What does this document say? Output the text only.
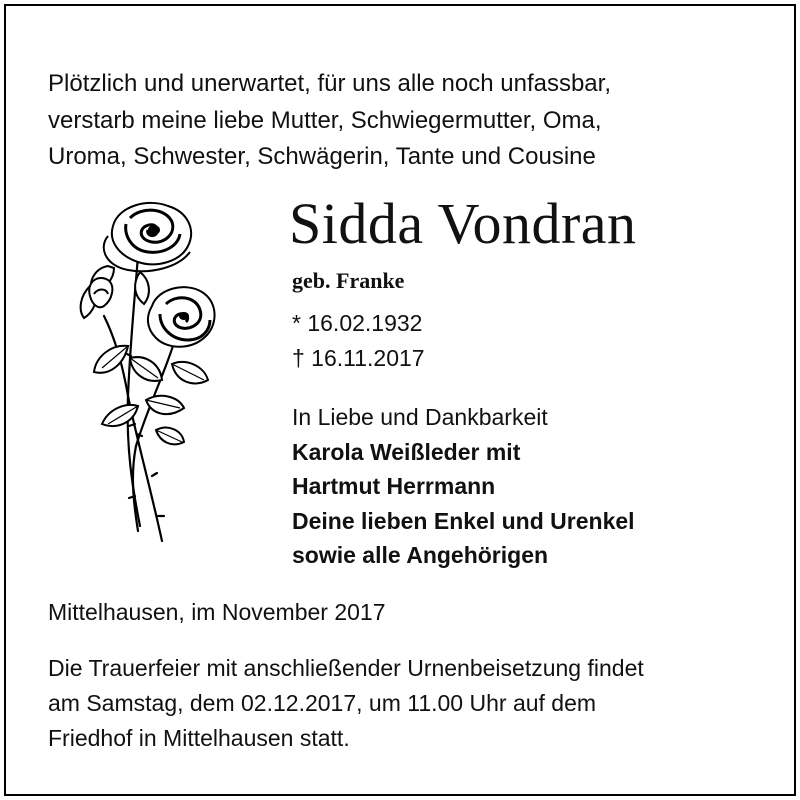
Plötzlich und unerwartet, für uns alle noch unfassbar,
verstarb meine liebe Mutter, Schwiegermutter, Oma,
Uroma, Schwester, Schwägerin, Tante und Cousine
Sidda Vondran
geb. Franke
* 16.02.1932
† 16.11.2017
In Liebe und Dankbarkeit
Karola Weißleder mit
Hartmut Herrmann
Deine lieben Enkel und Urenkel
sowie alle Angehörigen
Mittelhausen, im November 2017
Die Trauerfeier mit anschließender Urnenbeisetzung findet
am Samstag, dem 02.12.2017, um 11.00 Uhr auf dem
Friedhof in Mittelhausen statt.
